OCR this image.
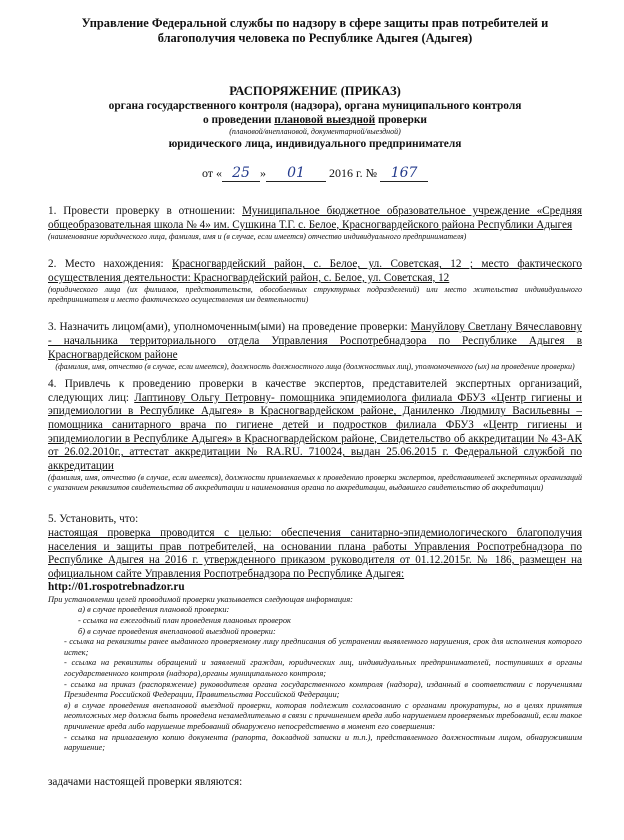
Управление Федеральной службы по надзору в сфере защиты прав потребителей и
благополучия человека по Республике Адыгея (Адыгея)
РАСПОРЯЖЕНИЕ (ПРИКАЗ)
органа государственного контроля (надзора), органа муниципального контроля
о проведении плановой выездной проверки
(плановой/внеплановой, документарной/выездной)
юридического лица, индивидуального предпринимателя
от « 25 » 01 2016 г. № 167
1. Провести проверку в отношении: Муниципальное бюджетное образовательное учреждение «Средняя общеобразовательная школа № 4» им. Сушкина Т.Г. с. Белое, Красногвардейского района Республики Адыгея
(наименование юридического лица, фамилия, имя и (в случае, если имеется) отчество индивидуального предпринимателя)
2. Место нахождения: Красногвардейский район, с. Белое, ул. Советская, 12 ; место фактического осуществления деятельности: Красногвардейский район, с. Белое, ул. Советская, 12
(юридического лица (их филиалов, представительств, обособленных структурных подразделений) или место жительства индивидуального предпринимателя и место фактического осуществления им деятельности)
3. Назначить лицом(ами), уполномоченным(ыми) на проведение проверки: Мануйлову Светлану Вячеславовну - начальника территориального отдела Управления Роспотребнадзора по Республике Адыгея в Красногвардейском районе
(фамилия, имя, отчество (в случае, если имеется), должность должностного лица (должностных лиц), уполномоченного (ых) на проведение проверки)
4. Привлечь к проведению проверки в качестве экспертов, представителей экспертных организаций, следующих лиц: Лаптинову Ольгу Петровну- помощника эпидемиолога филиала ФБУЗ «Центр гигиены и эпидемиологии в Республике Адыгея» в Красногвардейском районе, Даниленко Людмилу Васильевны – помощника санитарного врача по гигиене детей и подростков филиала ФБУЗ «Центр гигиены и эпидемиологии в Республике Адыгея» в Красногвардейском районе, Свидетельство об аккредитации № 43-АК от 26.02.2010г., аттестат аккредитации № RA.RU. 710024, выдан 25.06.2015 г. Федеральной службой по аккредитации
(фамилия, имя, отчество (в случае, если имеется), должности привлекаемых к проведению проверки экспертов, представителей экспертных организаций с указанием реквизитов свидетельства об аккредитации и наименования органа по аккредитации, выдавшего свидетельство об аккредитации)
5. Установить, что:
настоящая проверка проводится с целью: обеспечения санитарно-эпидемиологического благополучия населения и защиты прав потребителей, на основании плана работы Управления Роспотребнадзора по Республике Адыгея на 2016 г. утвержденного приказом руководителя от 01.12.2015г. № 186, размещен на официальном сайте Управления Роспотребнадзора по Республике Адыгея:
http://01.rospotrebnadzor.ru
При установлении целей проводимой проверки указывается следующая информация:
а) в случае проведения плановой проверки:
- ссылка на ежегодный план проведения плановых проверок
б) в случае проведения внеплановой выездной проверки:
- ссылка на реквизиты ранее выданного проверяемому лицу предписания об устранении выявленного нарушения, срок для исполнения которого истек;
- ссылка на реквизиты обращений и заявлений граждан, юридических лиц, индивидуальных предпринимателей, поступивших в органы государственного контроля (надзора),органы муниципального контроля;
- ссылка на приказ (распоряжение) руководителя органа государственного контроля (надзора), изданный в соответствии с поручениями Президента Российской Федерации, Правительства Российской Федерации;
в) в случае проведения внеплановой выездной проверки, которая подлежит согласованию с органами прокуратуры, но в целях принятия неотложных мер должна быть проведена незамедлительно в связи с причинением вреда либо нарушением проверяемых требований, если такое причинение вреда либо нарушение требований обнаружено непосредственно в момент его совершения:
- ссылка на прилагаемую копию документа (рапорта, докладной записки и т.п.), представленного должностным лицом, обнаружившим нарушение;
задачами настоящей проверки являются:
